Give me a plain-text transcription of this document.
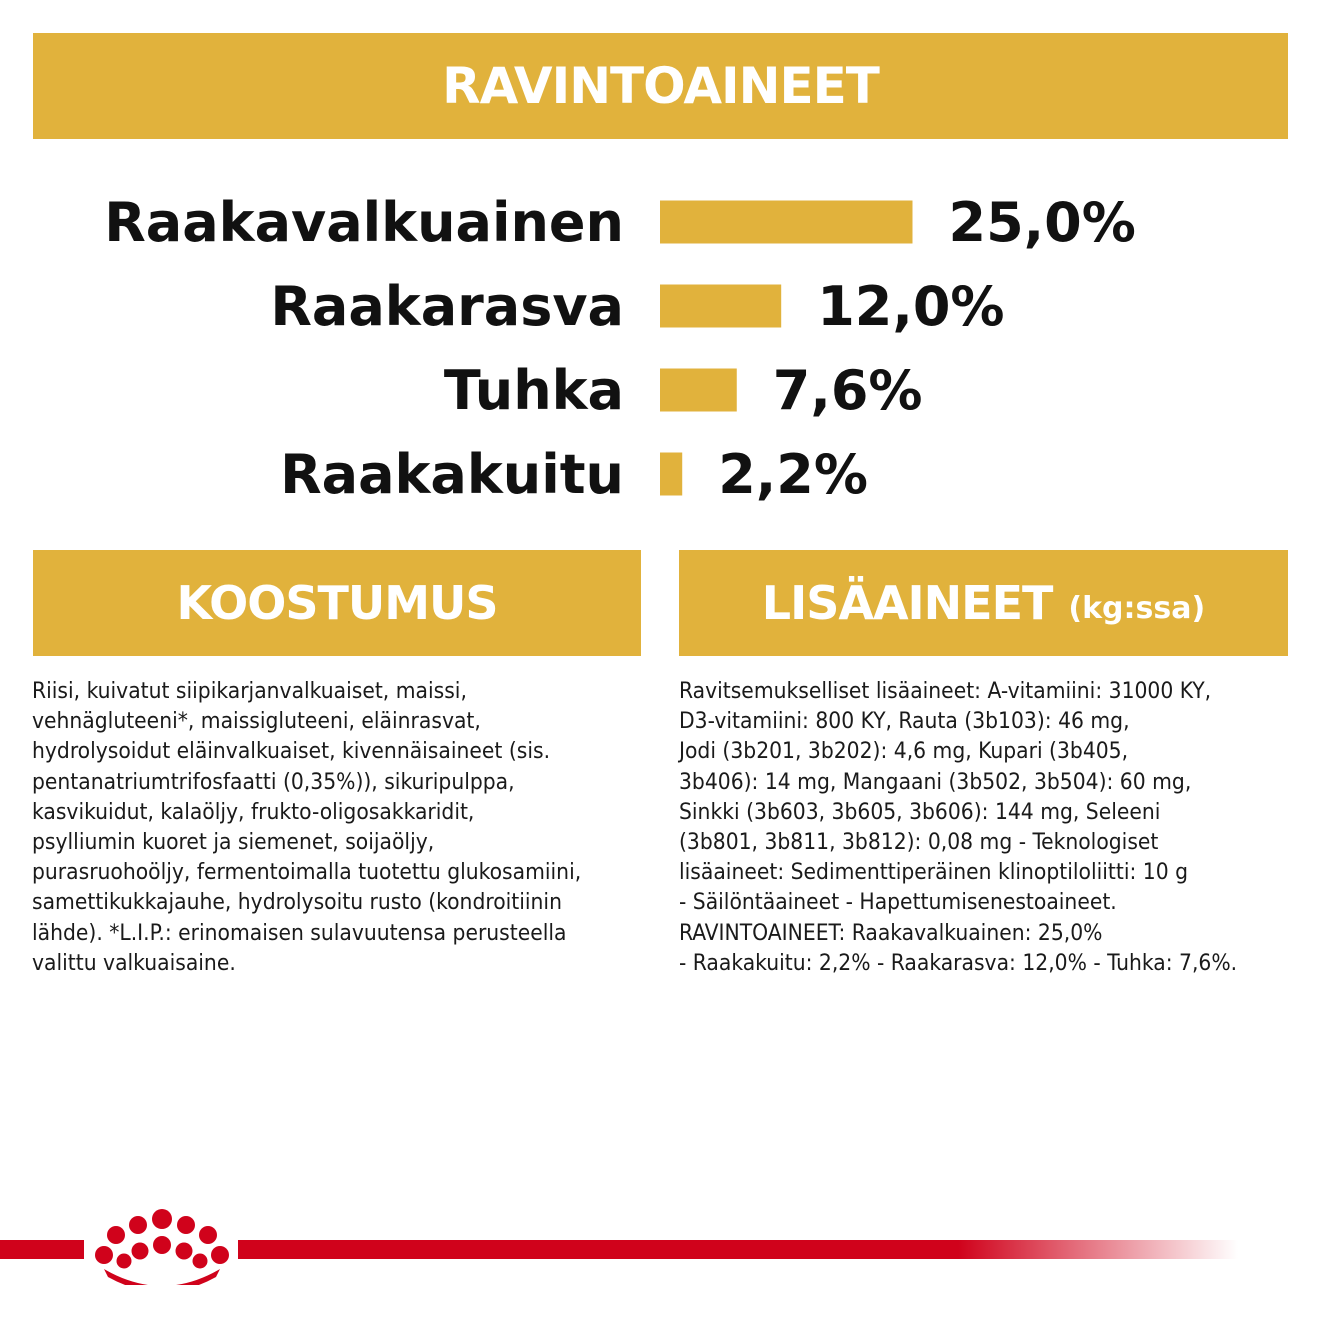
RAVINTOAINEET
Raakavalkuainen	25,0%
Raakarasva	12,0%
Tuhka	7,6%
Raakakuitu 2,2%
KOOSTUMUS	LISÄAINEET (kg:ssa)
Riisi, kuivatut siipikarjanvalkuaiset, maissi,
vehnägluteeni*, maissigluteeni, eläinrasvat,
hydrolysoidut eläinvalkuaiset, kivennäisaineet (sis.
pentanatriumtrifosfaatti (0,35%)), sikuripulppa,
kasvikuidut, kalaöljy, frukto-oligosakkaridit,
psylliumin kuoret ja siemenet, soijaöljy,
purasruohoöljy, fermentoimalla tuotettu glukosamiini,
samettikukkajauhe, hydrolysoitu rusto (kondroitiinin
lähde). *L.I.P.: erinomaisen sulavuutensa perusteella
valittu valkuaisaine.
Ravitsemukselliset lisäaineet: A-vitamiini: 31000 KY,
D3-vitamiini: 800 KY, Rauta (3b103): 46 mg,
Jodi (3b201, 3b202): 4,6 mg, Kupari (3b405,
3b406): 14 mg, Mangaani (3b502, 3b504): 60 mg,
Sinkki (3b603, 3b605, 3b606): 144 mg, Seleeni
(3b801, 3b811, 3b812): 0,08 mg - Teknologiset
lisäaineet: Sedimenttiperäinen klinoptiloliitti: 10 g
- Säilöntäaineet - Hapettumisenestoaineet.
RAVINTOAINEET: Raakavalkuainen: 25,0%
- Raakakuitu: 2,2% - Raakarasva: 12,0% - Tuhka: 7,6%.
